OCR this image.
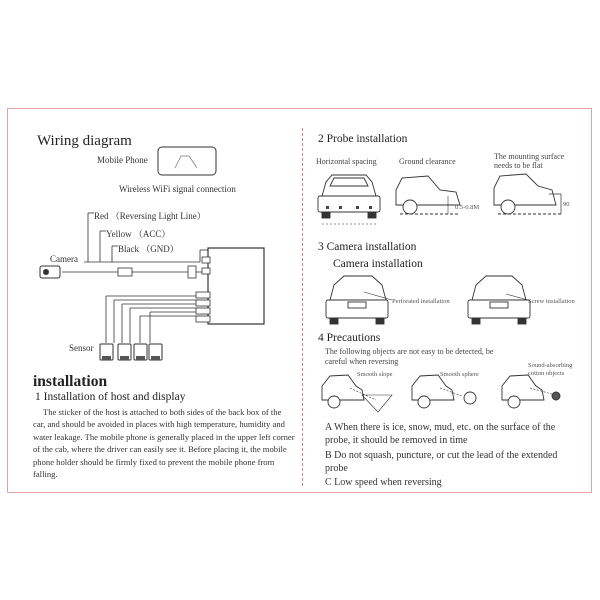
Wiring diagram
Mobile Phone
Wireless WiFi signal connection
Red （Reversing Light Line）
Yellow （ACC）
Black （GND）
Camera
Sensor
installation
1 Installation of host and display
The sticker of the host is attached to both sides of the back box of the car, and should be avoided in places with high temperature, humidity and water leakage. The mobile phone is generally placed in the upper left corner of the cab, where the driver can easily see it. Before placing it, the mobile phone holder should be firmly fixed to prevent the mobile phone from falling.
2 Probe installation
Horizontal spacing	Ground clearance
The mounting surface needs to be flat
0.5-0.8M	90
3 Camera installation
Camera installation
Perforated installation	Screw installation
4 Precautions
The following objects are not easy to be detected, be careful when reversing
Smooth slope	Smooth sphere
Sound-absorbing cotton objects
A When there is ice, snow, mud, etc. on the surface of the probe, it should be removed in time
B Do not squash, puncture, or cut the lead of the extended probe
C Low speed when reversing
